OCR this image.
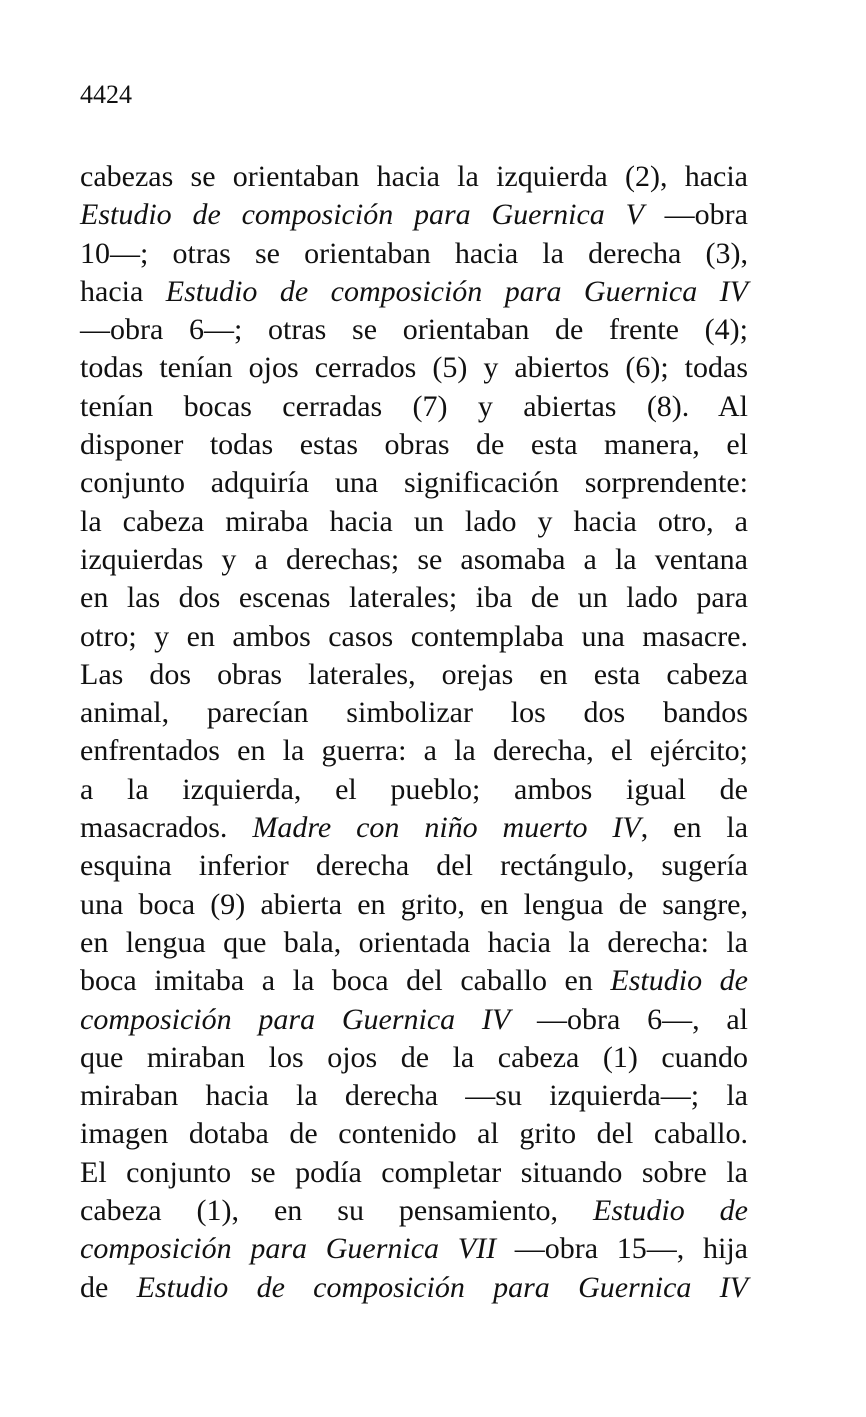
4424
cabezas se orientaban hacia la izquierda (2), hacia
Estudio de composición para Guernica V —obra
10—; otras se orientaban hacia la derecha (3),
hacia Estudio de composición para Guernica IV
—obra 6—; otras se orientaban de frente (4);
todas tenían ojos cerrados (5) y abiertos (6); todas
tenían bocas cerradas (7) y abiertas (8). Al
disponer todas estas obras de esta manera, el
conjunto adquiría una significación sorprendente:
la cabeza miraba hacia un lado y hacia otro, a
izquierdas y a derechas; se asomaba a la ventana
en las dos escenas laterales; iba de un lado para
otro; y en ambos casos contemplaba una masacre.
Las dos obras laterales, orejas en esta cabeza
animal, parecían simbolizar los dos bandos
enfrentados en la guerra: a la derecha, el ejército;
a la izquierda, el pueblo; ambos igual de
masacrados. Madre con niño muerto IV, en la
esquina inferior derecha del rectángulo, sugería
una boca (9) abierta en grito, en lengua de sangre,
en lengua que bala, orientada hacia la derecha: la
boca imitaba a la boca del caballo en Estudio de
composición para Guernica IV —obra 6—, al
que miraban los ojos de la cabeza (1) cuando
miraban hacia la derecha —su izquierda—; la
imagen dotaba de contenido al grito del caballo.
El conjunto se podía completar situando sobre la
cabeza (1), en su pensamiento, Estudio de
composición para Guernica VII —obra 15—, hija
de Estudio de composición para Guernica IV
